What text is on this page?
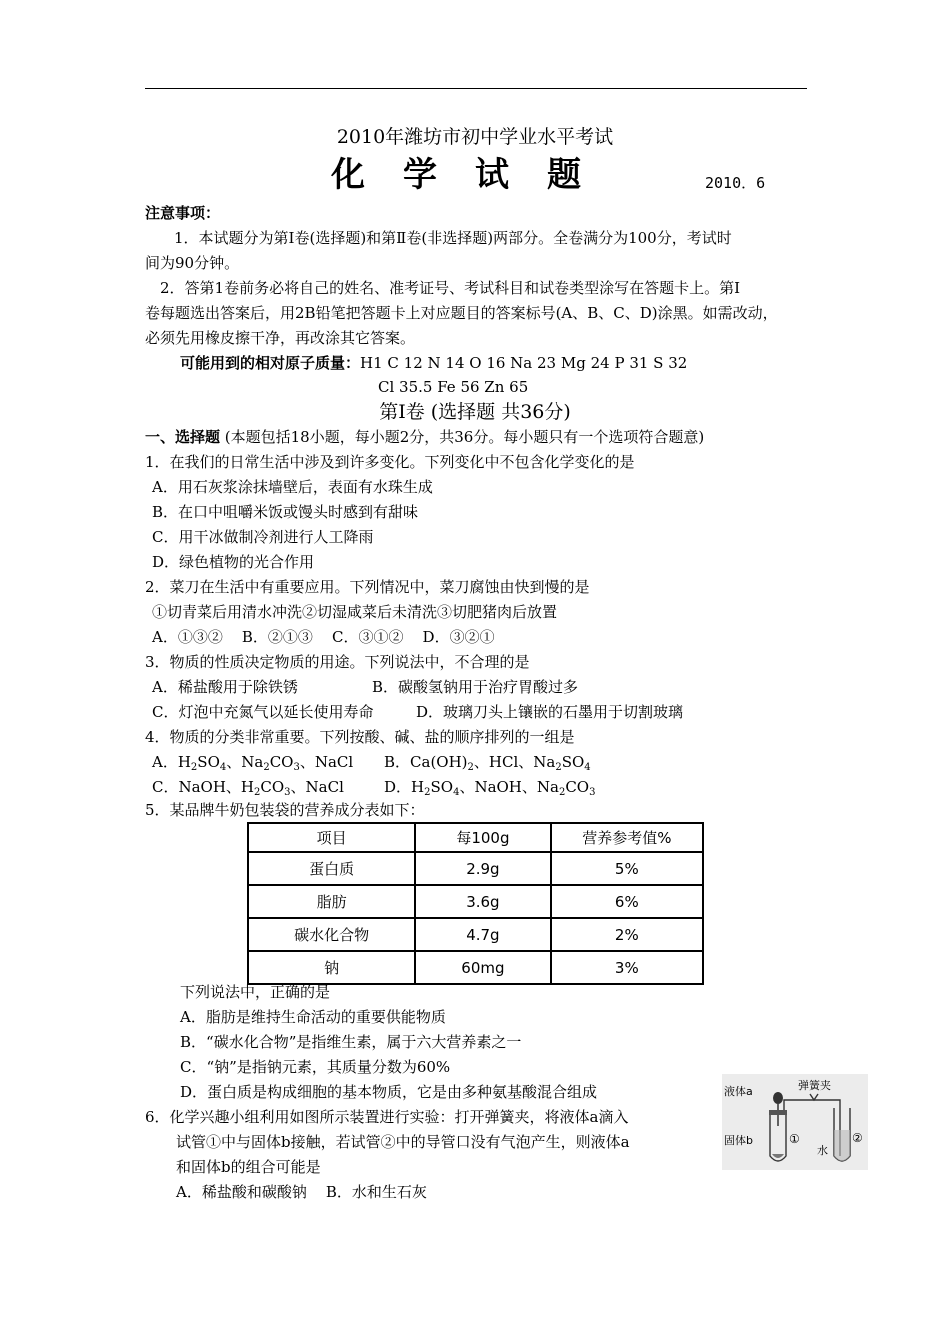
2010年潍坊市初中学业水平考试
化学试题	2010．6
注意事项：
1．本试题分为第Ⅰ卷(选择题)和第Ⅱ卷(非选择题)两部分。全卷满分为100分，考试时
间为90分钟。
2．答第1卷前务必将自己的姓名、准考证号、考试科目和试卷类型涂写在答题卡上。第Ⅰ
卷每题选出答案后，用2B铅笔把答题卡上对应题目的答案标号(A、B、C、D)涂黑。如需改动，
必须先用橡皮擦干净，再改涂其它答案。
可能用到的相对原子质量：H1 C 12 N 14 O 16 Na 23 Mg 24 P 31 S 32
Cl 35.5 Fe 56 Zn 65
第Ⅰ卷 (选择题 共36分)
一、选择题 (本题包括18小题，每小题2分，共36分。每小题只有一个选项符合题意)
1．在我们的日常生活中涉及到许多变化。下列变化中不包含化学变化的是
A．用石灰浆涂抹墙壁后，表面有水珠生成
B．在口中咀嚼米饭或馒头时感到有甜味
C．用干冰做制冷剂进行人工降雨
D．绿色植物的光合作用
2．菜刀在生活中有重要应用。下列情况中，菜刀腐蚀由快到慢的是
①切青菜后用清水冲洗②切湿咸菜后未清洗③切肥猪肉后放置
A．①③②    B．②①③    C．③①②    D．③②①
3．物质的性质决定物质的用途。下列说法中，不合理的是
A．稀盐酸用于除铁锈	B．碳酸氢钠用于治疗胃酸过多
C．灯泡中充氮气以延长使用寿命	D．玻璃刀头上镶嵌的石墨用于切割玻璃
4．物质的分类非常重要。下列按酸、碱、盐的顺序排列的一组是
A．$H_2SO_4$、$Na_2CO_3$、NaCl B．$Ca(OH)_2$、HCl、$Na_2SO_4$
C．NaOH、$H_2CO_3$、NaCl	D．$H_2SO_4$、NaOH、$Na_2CO_3$
5．某品牌牛奶包装袋的营养成分表如下：
项目	每100g	营养参考值%
蛋白质	2.9g	5%
脂肪	3.6g	6%
碳水化合物	4.7g	2%
钠	60mg	3%
下列说法中，正确的是
A．脂肪是维持生命活动的重要供能物质
B．“碳水化合物”是指维生素，属于六大营养素之一
C．“钠”是指钠元素，其质量分数为60%
D．蛋白质是构成细胞的基本物质，它是由多种氨基酸混合组成
6．化学兴趣小组利用如图所示装置进行实验：打开弹簧夹，将液体a滴入
试管①中与固体b接触，若试管②中的导管口没有气泡产生，则液体a
和固体b的组合可能是
A．稀盐酸和碳酸钠    B．水和生石灰
液体a	弹簧夹
固体b	①
水
②
